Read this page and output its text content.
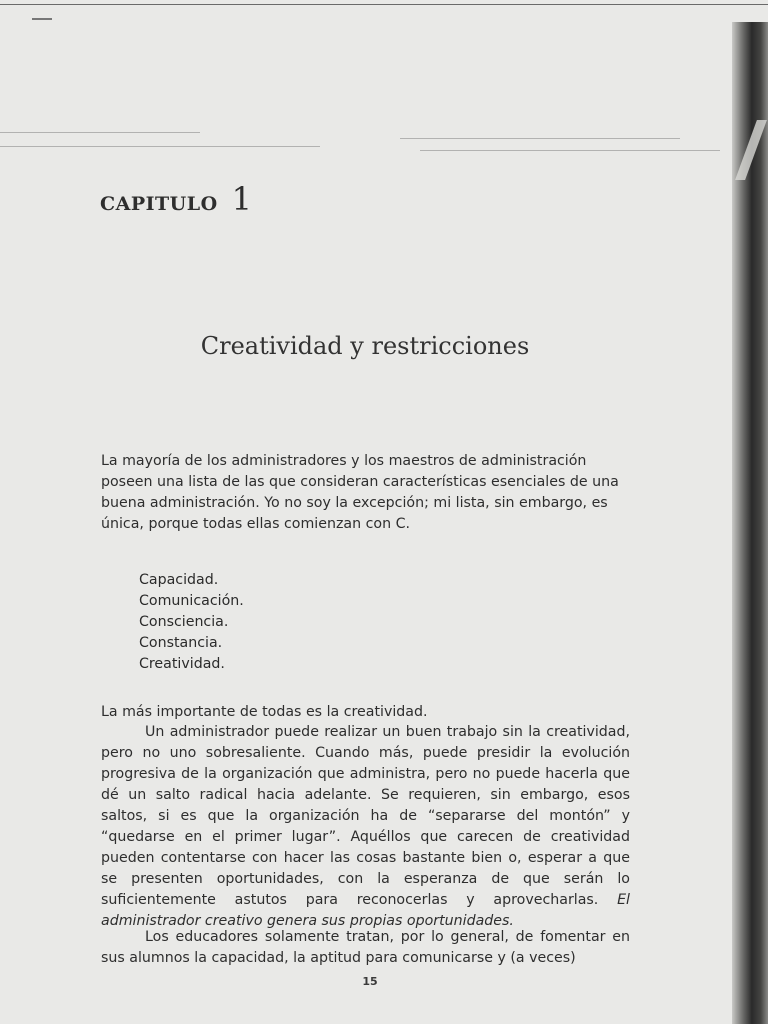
CAPITULO 1
Creatividad y restricciones
La mayoría de los administradores y los maestros de administración poseen una lista de las que consideran características esenciales de una buena administración. Yo no soy la excepción; mi lista, sin embargo, es única, porque todas ellas comienzan con C.
Capacidad.
Comunicación.
Consciencia.
Constancia.
Creatividad.
La más importante de todas es la creatividad.
Un administrador puede realizar un buen trabajo sin la creatividad, pero no uno sobresaliente. Cuando más, puede presidir la evolución progresiva de la organización que administra, pero no puede hacerla que dé un salto radical hacia adelante. Se requieren, sin embargo, esos saltos, si es que la organización ha de “separarse del montón” y “quedarse en el primer lugar”. Aquéllos que carecen de creatividad pueden contentarse con hacer las cosas bastante bien o, esperar a que se presenten oportunidades, con la esperanza de que serán lo suficientemente astutos para reconocerlas y aprovecharlas. El administrador creativo genera sus propias oportunidades.
Los educadores solamente tratan, por lo general, de fomentar en sus alumnos la capacidad, la aptitud para comunicarse y (a veces)
15
